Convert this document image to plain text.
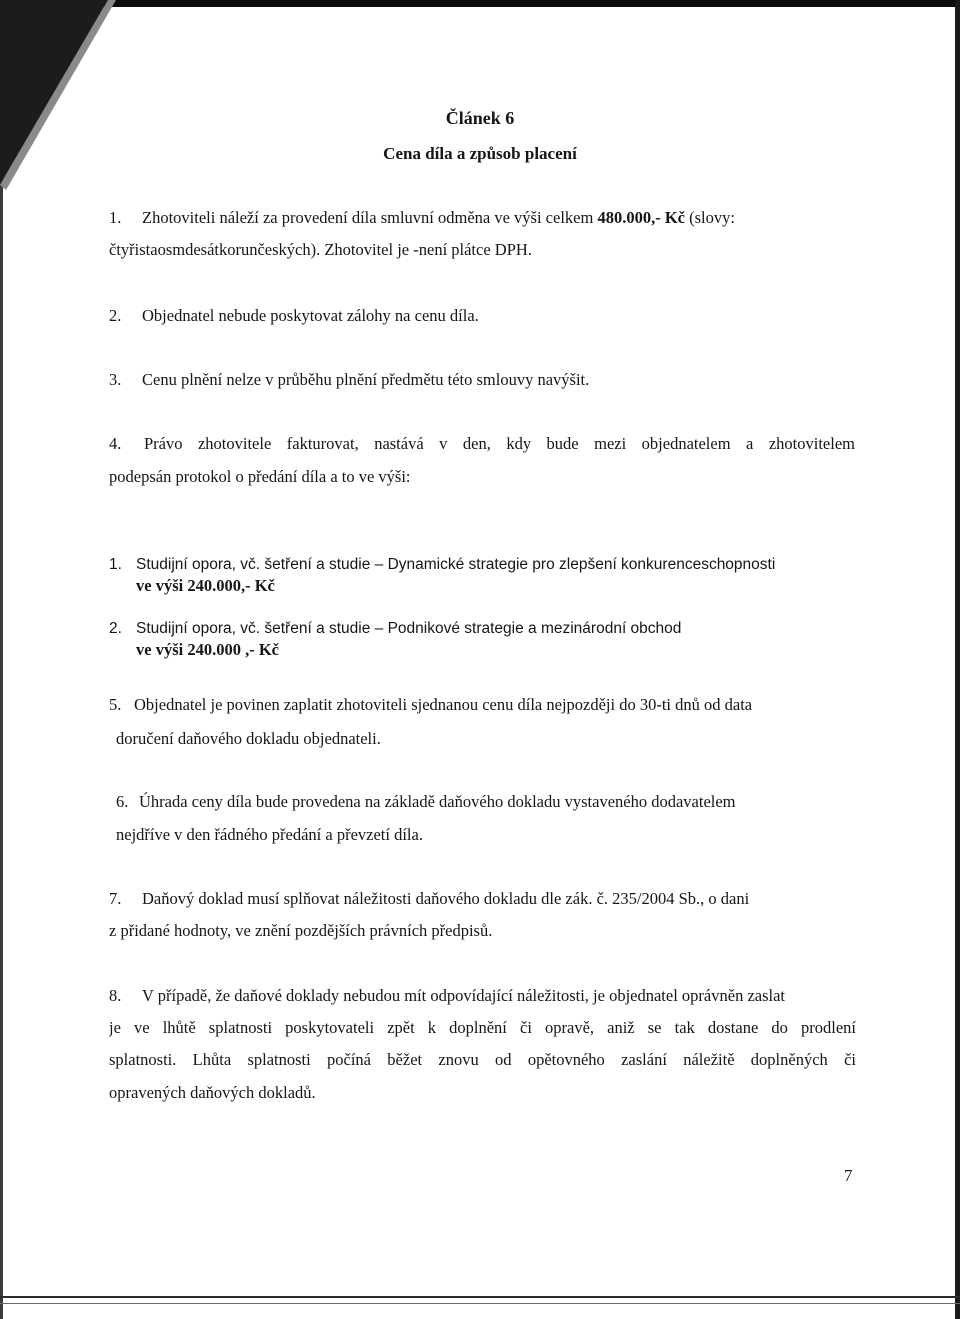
Článek 6
Cena díla a způsob placení
1. Zhotoviteli náleží za provedení díla smluvní odměna ve výši celkem 480.000,- Kč (slovy:
čtyřistaosmdesátkorunčeských). Zhotovitel je -není plátce DPH.
2. Objednatel nebude poskytovat zálohy na cenu díla.
3. Cenu plnění nelze v průběhu plnění předmětu této smlouvy navýšit.
4. Právo zhotovitele fakturovat, nastává v den, kdy bude mezi objednatelem a zhotovitelem
podepsán protokol o předání díla a to ve výši:
1. Studijní opora, vč. šetření a studie – Dynamické strategie pro zlepšení konkurenceschopnosti
ve výši 240.000,- Kč
2. Studijní opora, vč. šetření a studie – Podnikové strategie a mezinárodní obchod
ve výši 240.000 ,- Kč
5. Objednatel je povinen zaplatit zhotoviteli sjednanou cenu díla nejpozději do 30-ti dnů od data
doručení daňového dokladu objednateli.
6. Úhrada ceny díla bude provedena na základě daňového dokladu vystaveného dodavatelem
nejdříve v den řádného předání a převzetí díla.
7. Daňový doklad musí splňovat náležitosti daňového dokladu dle zák. č. 235/2004 Sb., o dani
z přidané hodnoty, ve znění pozdějších právních předpisů.
8. V případě, že daňové doklady nebudou mít odpovídající náležitosti, je objednatel oprávněn zaslat
je ve lhůtě splatnosti poskytovateli zpět k doplnění či opravě, aniž se tak dostane do prodlení
splatnosti. Lhůta splatnosti počíná běžet znovu od opětovného zaslání náležitě doplněných či
opravených daňových dokladů.
7
